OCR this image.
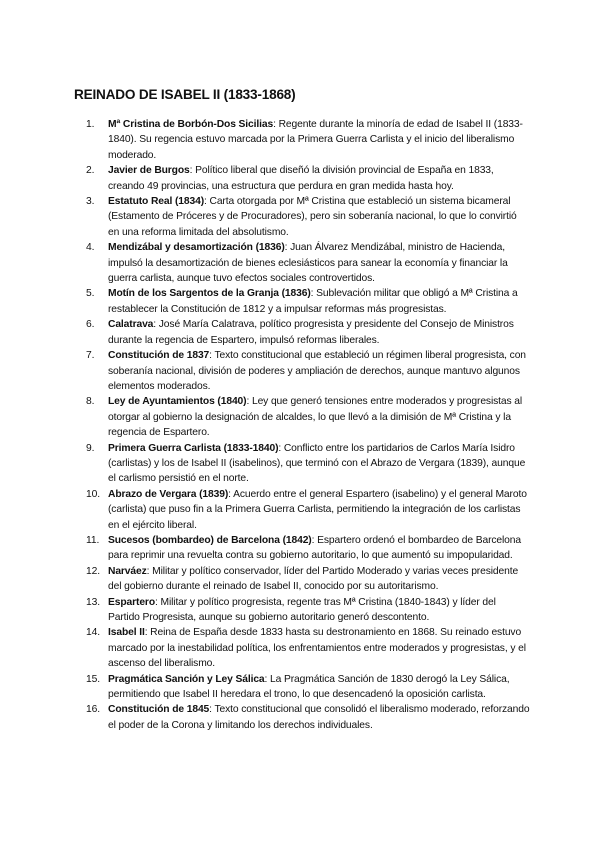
REINADO DE ISABEL II (1833-1868)
1.	Mª Cristina de Borbón-Dos Sicilias: Regente durante la minoría de edad de Isabel II (1833-1840). Su regencia estuvo marcada por la Primera Guerra Carlista y el inicio del liberalismo moderado.
2.	Javier de Burgos: Político liberal que diseñó la división provincial de España en 1833, creando 49 provincias, una estructura que perdura en gran medida hasta hoy.
3.	Estatuto Real (1834): Carta otorgada por Mª Cristina que estableció un sistema bicameral (Estamento de Próceres y de Procuradores), pero sin soberanía nacional, lo que lo convirtió en una reforma limitada del absolutismo.
4.	Mendizábal y desamortización (1836): Juan Álvarez Mendizábal, ministro de Hacienda, impulsó la desamortización de bienes eclesiásticos para sanear la economía y financiar la guerra carlista, aunque tuvo efectos sociales controvertidos.
5.	Motín de los Sargentos de la Granja (1836): Sublevación militar que obligó a Mª Cristina a restablecer la Constitución de 1812 y a impulsar reformas más progresistas.
6.	Calatrava: José María Calatrava, político progresista y presidente del Consejo de Ministros durante la regencia de Espartero, impulsó reformas liberales.
7.	Constitución de 1837: Texto constitucional que estableció un régimen liberal progresista, con soberanía nacional, división de poderes y ampliación de derechos, aunque mantuvo algunos elementos moderados.
8.	Ley de Ayuntamientos (1840): Ley que generó tensiones entre moderados y progresistas al otorgar al gobierno la designación de alcaldes, lo que llevó a la dimisión de Mª Cristina y la regencia de Espartero.
9.	Primera Guerra Carlista (1833-1840): Conflicto entre los partidarios de Carlos María Isidro (carlistas) y los de Isabel II (isabelinos), que terminó con el Abrazo de Vergara (1839), aunque el carlismo persistió en el norte.
10. Abrazo de Vergara (1839): Acuerdo entre el general Espartero (isabelino) y el general Maroto (carlista) que puso fin a la Primera Guerra Carlista, permitiendo la integración de los carlistas en el ejército liberal.
11. Sucesos (bombardeo) de Barcelona (1842): Espartero ordenó el bombardeo de Barcelona para reprimir una revuelta contra su gobierno autoritario, lo que aumentó su impopularidad.
12. Narváez: Militar y político conservador, líder del Partido Moderado y varias veces presidente del gobierno durante el reinado de Isabel II, conocido por su autoritarismo.
13. Espartero: Militar y político progresista, regente tras Mª Cristina (1840-1843) y líder del Partido Progresista, aunque su gobierno autoritario generó descontento.
14. Isabel II: Reina de España desde 1833 hasta su destronamiento en 1868. Su reinado estuvo marcado por la inestabilidad política, los enfrentamientos entre moderados y progresistas, y el ascenso del liberalismo.
15. Pragmática Sanción y Ley Sálica: La Pragmática Sanción de 1830 derogó la Ley Sálica, permitiendo que Isabel II heredara el trono, lo que desencadenó la oposición carlista.
16. Constitución de 1845: Texto constitucional que consolidó el liberalismo moderado, reforzando el poder de la Corona y limitando los derechos individuales.
